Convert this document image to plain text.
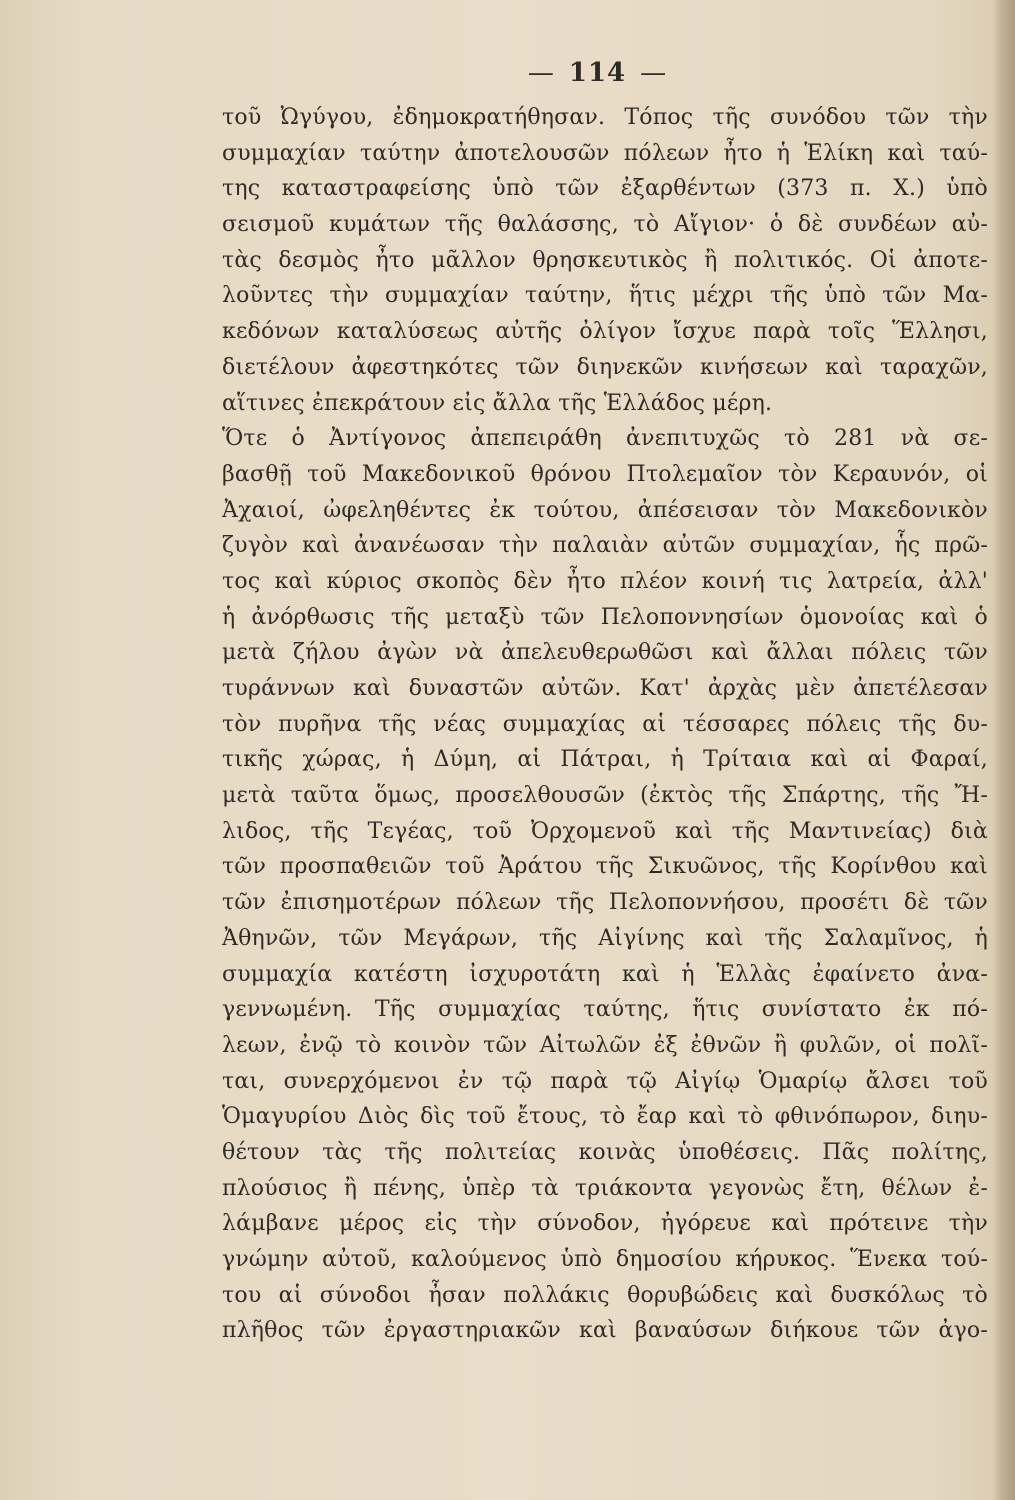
— 114 —
τοῦ Ὠγύγου, ἐδημοκρατήθησαν. Τόπος τῆς συνόδου τῶν τὴν
συμμαχίαν ταύτην ἀποτελουσῶν πόλεων ἦτο ἡ Ἑλίκη καὶ ταύ-
της καταστραφείσης ὑπὸ τῶν ἐξαρθέντων (373 π. Χ.) ὑπὸ
σεισμοῦ κυμάτων τῆς θαλάσσης, τὸ Αἴγιον· ὁ δὲ συνδέων αὐ-
τὰς δεσμὸς ἦτο μᾶλλον θρησκευτικὸς ἢ πολιτικός. Οἱ ἀποτε-
λοῦντες τὴν συμμαχίαν ταύτην, ἥτις μέχρι τῆς ὑπὸ τῶν Μα-
κεδόνων καταλύσεως αὐτῆς ὀλίγον ἴσχυε παρὰ τοῖς Ἕλλησι,
διετέλουν ἀφεστηκότες τῶν διηνεκῶν κινήσεων καὶ ταραχῶν,
αἵτινες ἐπεκράτουν εἰς ἄλλα τῆς Ἑλλάδος μέρη.
Ὅτε ὁ Ἀντίγονος ἀπεπειράθη ἀνεπιτυχῶς τὸ 281 νὰ σε-
βασθῇ τοῦ Μακεδονικοῦ θρόνου Πτολεμαῖον τὸν Κεραυνόν, οἱ
Ἀχαιοί, ὠφεληθέντες ἐκ τούτου, ἀπέσεισαν τὸν Μακεδονικὸν
ζυγὸν καὶ ἀνανέωσαν τὴν παλαιὰν αὐτῶν συμμαχίαν, ἧς πρῶ-
τος καὶ κύριος σκοπὸς δὲν ἦτο πλέον κοινή τις λατρεία, ἀλλ'
ἡ ἀνόρθωσις τῆς μεταξὺ τῶν Πελοποννησίων ὁμονοίας καὶ ὁ
μετὰ ζήλου ἀγὼν νὰ ἀπελευθερωθῶσι καὶ ἄλλαι πόλεις τῶν
τυράννων καὶ δυναστῶν αὐτῶν. Κατ' ἀρχὰς μὲν ἀπετέλεσαν
τὸν πυρῆνα τῆς νέας συμμαχίας αἱ τέσσαρες πόλεις τῆς δυ-
τικῆς χώρας, ἡ Δύμη, αἱ Πάτραι, ἡ Τρίταια καὶ αἱ Φαραί,
μετὰ ταῦτα ὅμως, προσελθουσῶν (ἐκτὸς τῆς Σπάρτης, τῆς Ἤ-
λιδος, τῆς Τεγέας, τοῦ Ὀρχομενοῦ καὶ τῆς Μαντινείας) διὰ
τῶν προσπαθειῶν τοῦ Ἀράτου τῆς Σικυῶνος, τῆς Κορίνθου καὶ
τῶν ἐπισημοτέρων πόλεων τῆς Πελοποννήσου, προσέτι δὲ τῶν
Ἀθηνῶν, τῶν Μεγάρων, τῆς Αἰγίνης καὶ τῆς Σαλαμῖνος, ἡ
συμμαχία κατέστη ἰσχυροτάτη καὶ ἡ Ἑλλὰς ἐφαίνετο ἀνα-
γεννωμένη. Τῆς συμμαχίας ταύτης, ἥτις συνίστατο ἐκ πό-
λεων, ἐνῷ τὸ κοινὸν τῶν Αἰτωλῶν ἐξ ἐθνῶν ἢ φυλῶν, οἱ πολῖ-
ται, συνερχόμενοι ἐν τῷ παρὰ τῷ Αἰγίῳ Ὁμαρίῳ ἄλσει τοῦ
Ὁμαγυρίου Διὸς δὶς τοῦ ἔτους, τὸ ἔαρ καὶ τὸ φθινόπωρον, διηυ-
θέτουν τὰς τῆς πολιτείας κοινὰς ὑποθέσεις. Πᾶς πολίτης,
πλούσιος ἢ πένης, ὑπὲρ τὰ τριάκοντα γεγονὼς ἔτη, θέλων ἐ-
λάμβανε μέρος εἰς τὴν σύνοδον, ἠγόρευε καὶ πρότεινε τὴν
γνώμην αὐτοῦ, καλούμενος ὑπὸ δημοσίου κήρυκος. Ἕνεκα τού-
του αἱ σύνοδοι ἦσαν πολλάκις θορυβώδεις καὶ δυσκόλως τὸ
πλῆθος τῶν ἐργαστηριακῶν καὶ βαναύσων διήκουε τῶν ἀγο-
